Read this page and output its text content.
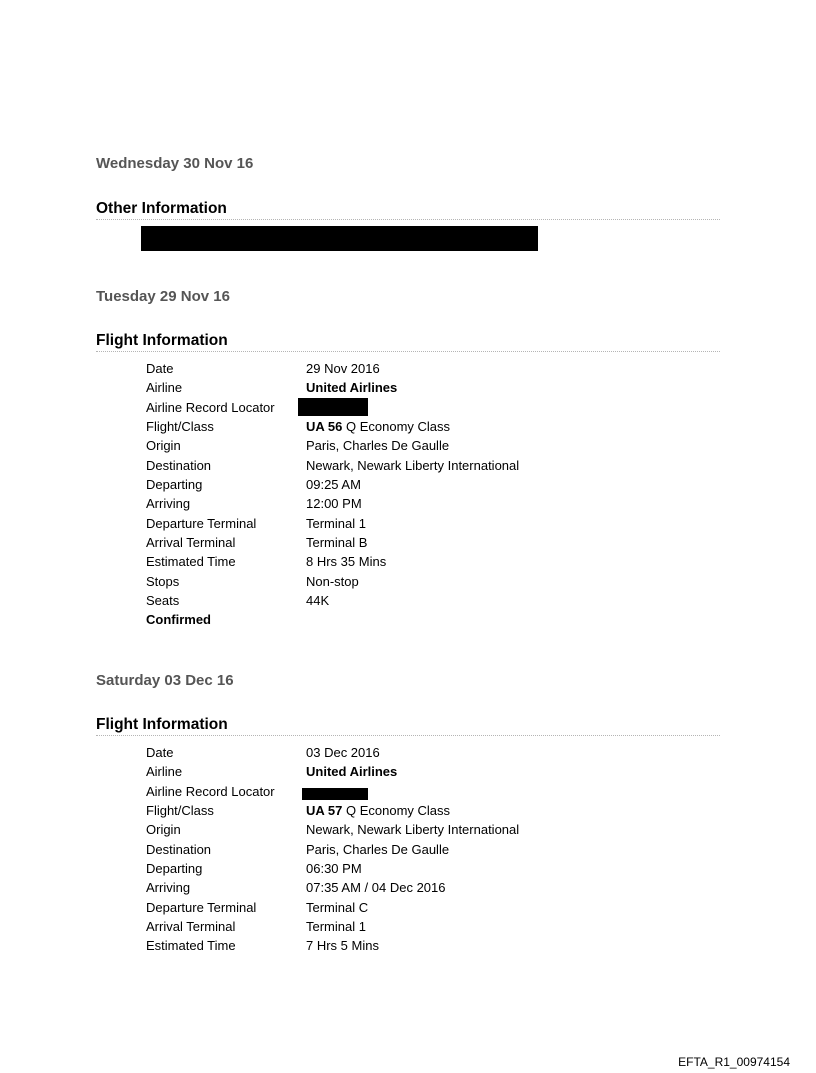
Wednesday 30 Nov 16
Other Information
Tuesday 29 Nov 16
Flight Information
Date	29 Nov 2016
Airline	United Airlines
Airline Record Locator
Flight/Class	UA 56 Q Economy Class
Origin	Paris, Charles De Gaulle
Destination	Newark, Newark Liberty International
Departing	09:25 AM
Arriving	12:00 PM
Departure Terminal	Terminal 1
Arrival Terminal	Terminal B
Estimated Time	8 Hrs 35 Mins
Stops	Non-stop
Seats	44K
Confirmed
Saturday 03 Dec 16
Flight Information
Date	03 Dec 2016
Airline	United Airlines
Airline Record Locator
Flight/Class	UA 57 Q Economy Class
Origin	Newark, Newark Liberty International
Destination	Paris, Charles De Gaulle
Departing	06:30 PM
Arriving	07:35 AM / 04 Dec 2016
Departure Terminal	Terminal C
Arrival Terminal	Terminal 1
Estimated Time	7 Hrs 5 Mins
EFTA_R1_00974154
